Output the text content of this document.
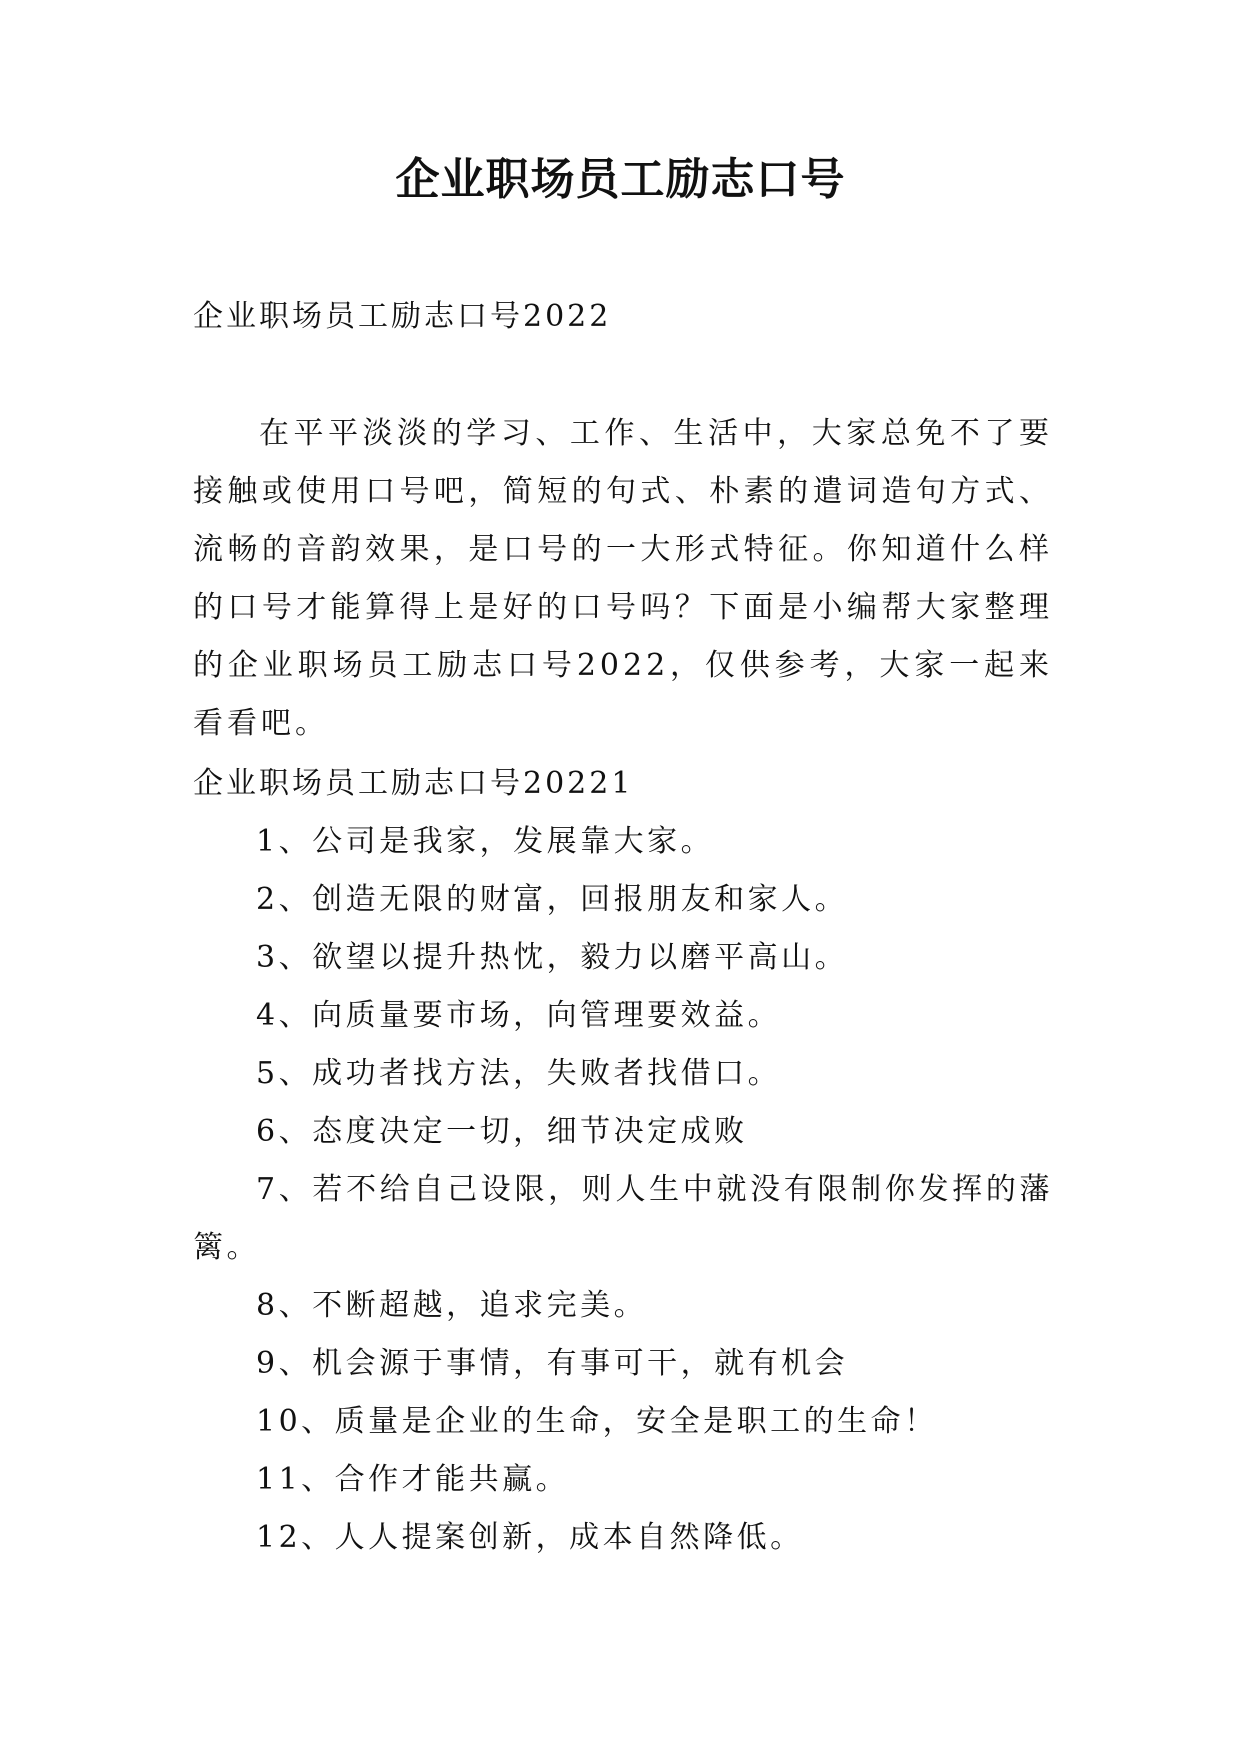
企业职场员工励志口号
企业职场员工励志口号2022
在平平淡淡的学习、工作、生活中，大家总免不了要接触或使用口号吧，简短的句式、朴素的遣词造句方式、流畅的音韵效果，是口号的一大形式特征。你知道什么样的口号才能算得上是好的口号吗？下面是小编帮大家整理的企业职场员工励志口号2022，仅供参考，大家一起来看看吧。
企业职场员工励志口号20221
1、公司是我家，发展靠大家。
2、创造无限的财富，回报朋友和家人。
3、欲望以提升热忱，毅力以磨平高山。
4、向质量要市场，向管理要效益。
5、成功者找方法，失败者找借口。
6、态度决定一切，细节决定成败
7、若不给自己设限，则人生中就没有限制你发挥的藩篱。
8、不断超越，追求完美。
9、机会源于事情，有事可干，就有机会
10、质量是企业的生命，安全是职工的生命！
11、合作才能共赢。
12、人人提案创新，成本自然降低。
